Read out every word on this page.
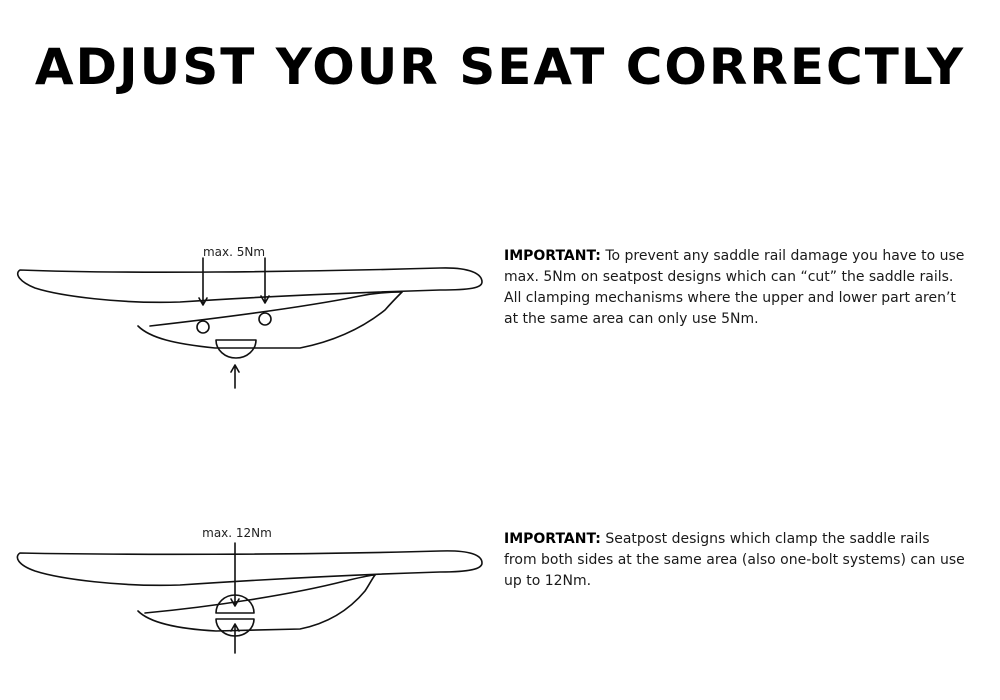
ADJUST YOUR SEAT CORRECTLY
max. 5Nm	IMPORTANT: To prevent any saddle rail damage you have to use
max. 5Nm on seatpost designs which can “cut” the saddle rails.
All clamping mechanisms where the upper and lower part aren’t
at the same area can only use 5Nm.
max. 12Nm	IMPORTANT: Seatpost designs which clamp the saddle rails
from both sides at the same area (also one-bolt systems) can use
up to 12Nm.
